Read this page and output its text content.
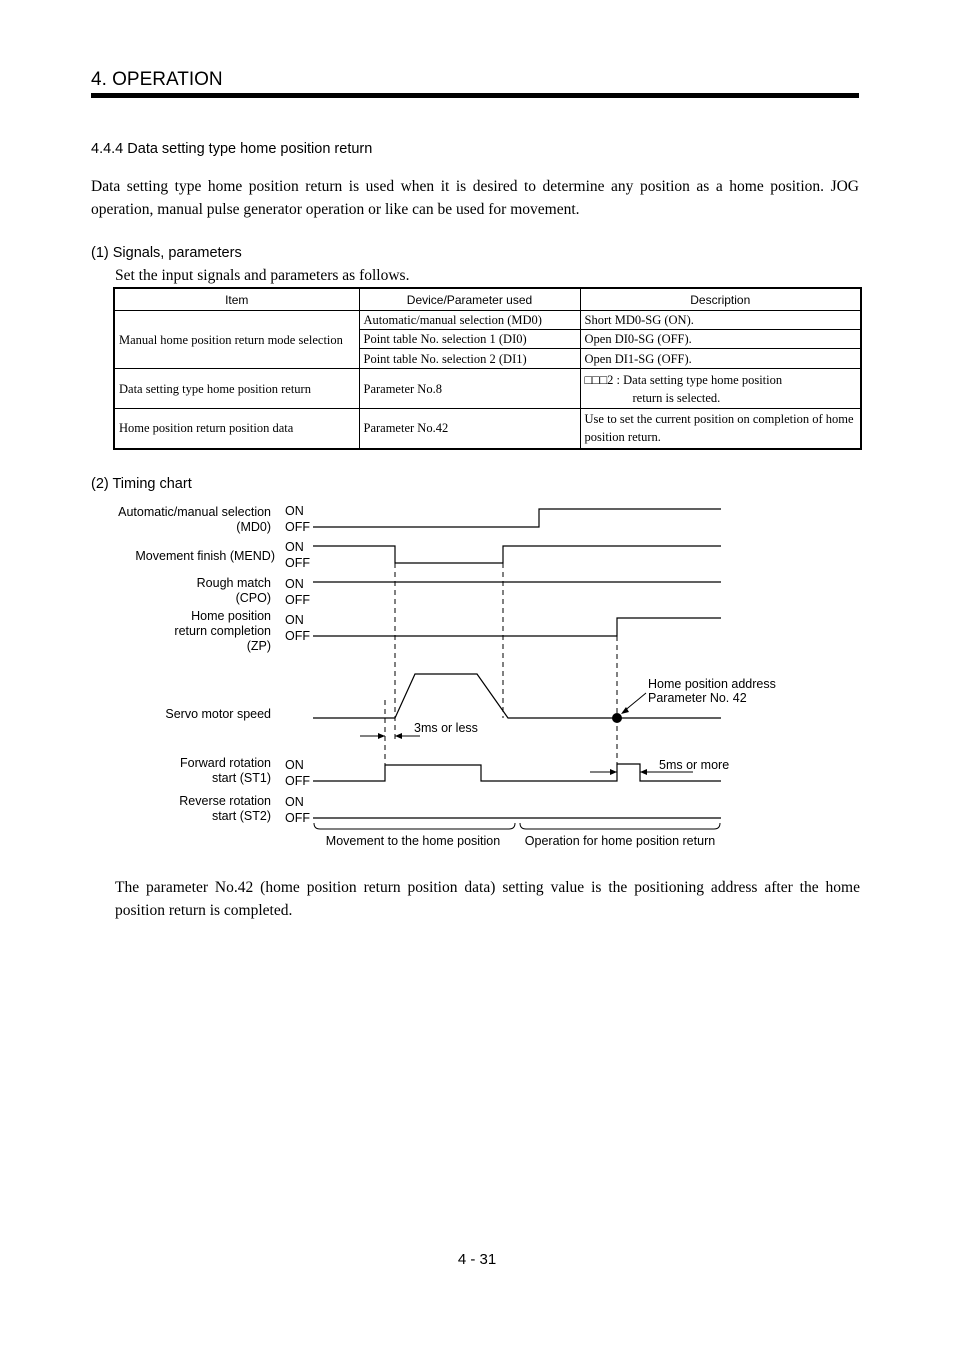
4. OPERATION
4.4.4 Data setting type home position return
Data setting type home position return is used when it is desired to determine any position as a home position. JOG operation, manual pulse generator operation or like can be used for movement.
(1) Signals, parameters
Set the input signals and parameters as follows.
Item	Device/Parameter used	Description
Manual home position return mode selection	Automatic/manual selection (MD0)	Short MD0-SG (ON).
	Point table No. selection 1 (DI0)	Open DI0-SG (OFF).
	Point table No. selection 2 (DI1)	Open DI1-SG (OFF).
Data setting type home position return	Parameter No.8	□□□2 : Data setting type home position
return is selected.

Home position return position data	Parameter No.42	Use to set the current position on completion of home position return.
(2) Timing chart
Automatic/manual selection
(MD0)
Movement finish (MEND)
Rough match
(CPO)
Home position
return completion
(ZP)
Servo motor speed
Forward rotation
start (ST1)
Reverse rotation
start (ST2)
ON
OFF
ON
OFF
ON
OFF
ON
OFF
ON
OFF
ON
OFF
Home position address
Parameter No. 42
3ms or less
5ms or more
Movement to the home position Operation for home position return
The parameter No.42 (home position return position data) setting value is the positioning address after the home position return is completed.
4 - 31
